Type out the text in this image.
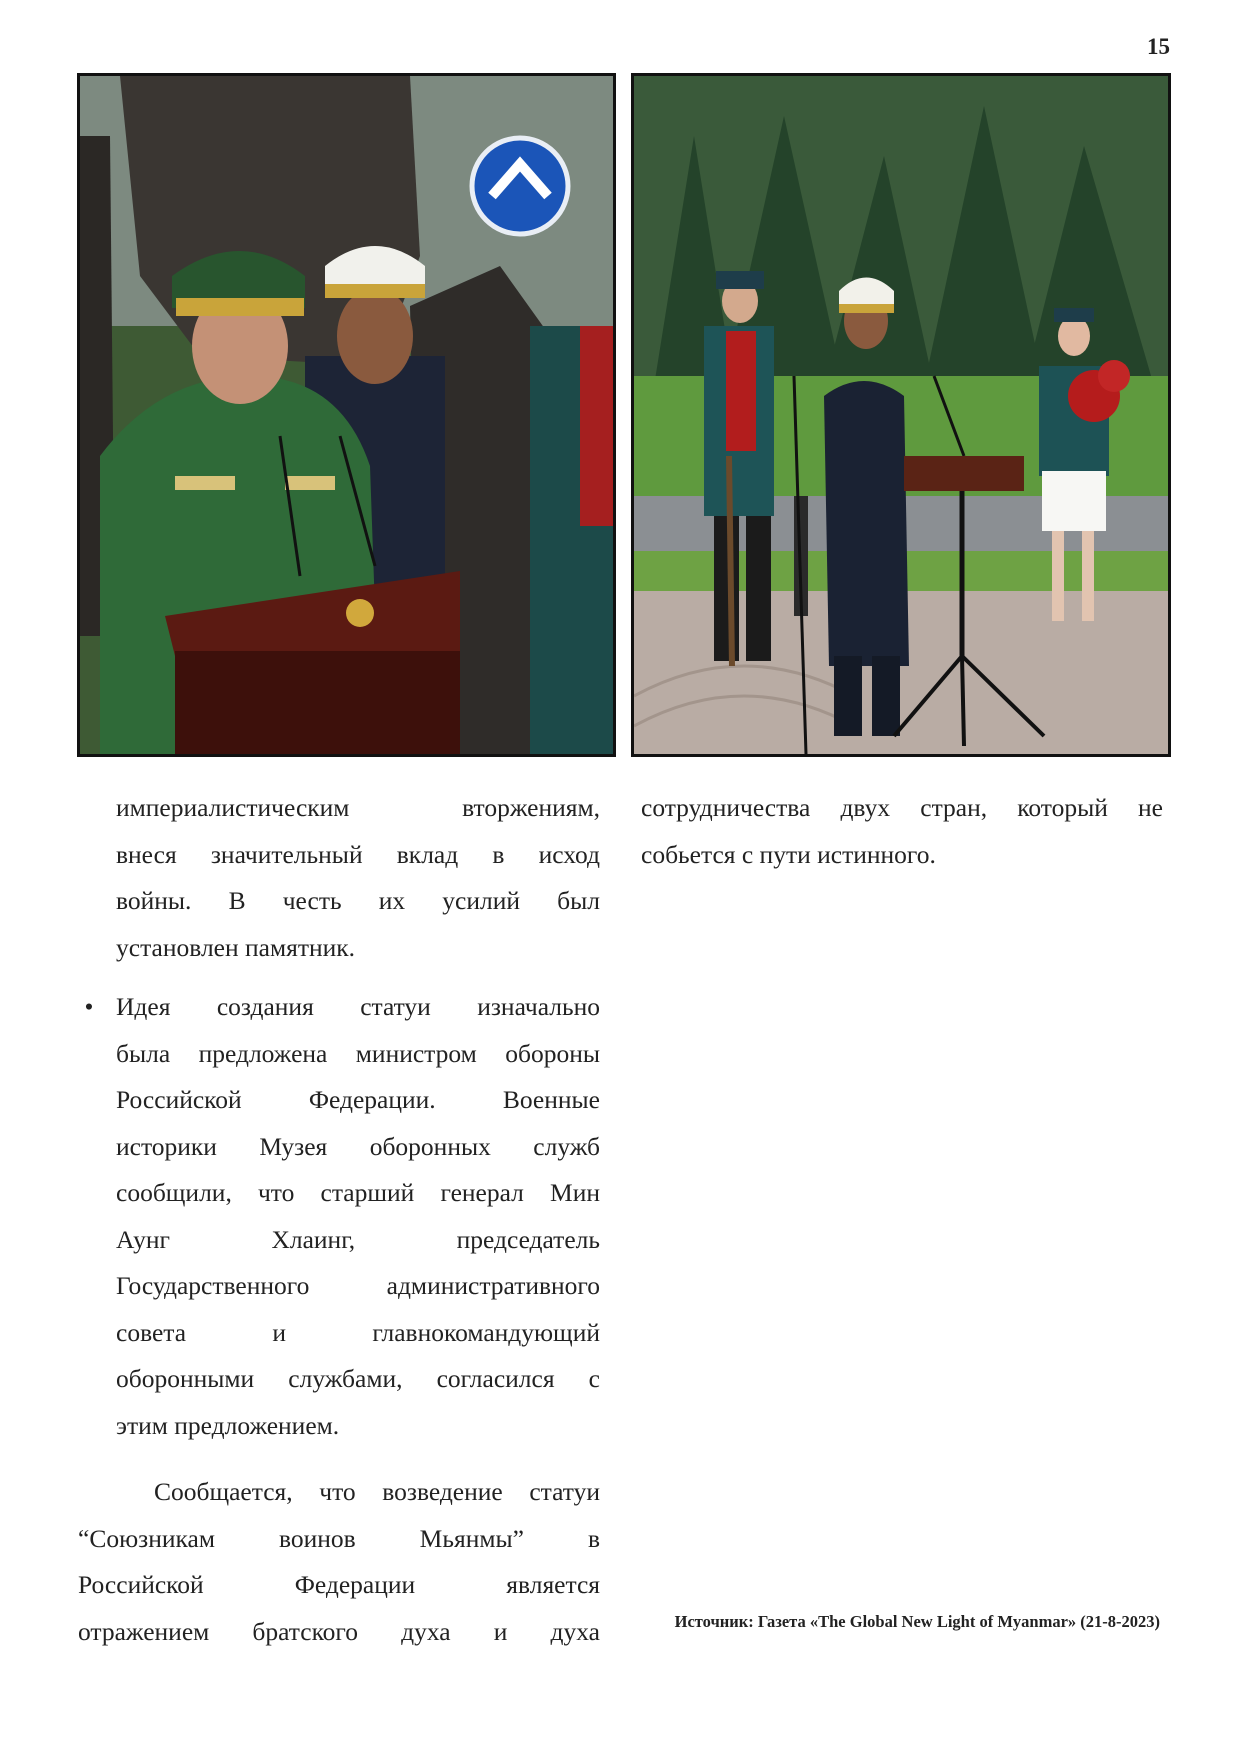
15
империалистическим вторжениям,
внеся значительный вклад в исход
войны. В честь их усилий был
установлен памятник.
• Идея создания статуи изначально
была предложена министром обороны
Российской Федерации. Военные
историки Музея оборонных служб
сообщили, что старший генерал Мин
Аунг Хлаинг, председатель
Государственного административного
совета и главнокомандующий
оборонными службами, согласился с
этим предложением.
Сообщается, что возведение статуи
“Союзникам воинов Мьянмы” в
Российской Федерации является
отражением братского духа и духа
сотрудничества двух стран, который не
собьется с пути истинного.
Источник: Газета «The Global New Light of Myanmar» (21-8-2023)
